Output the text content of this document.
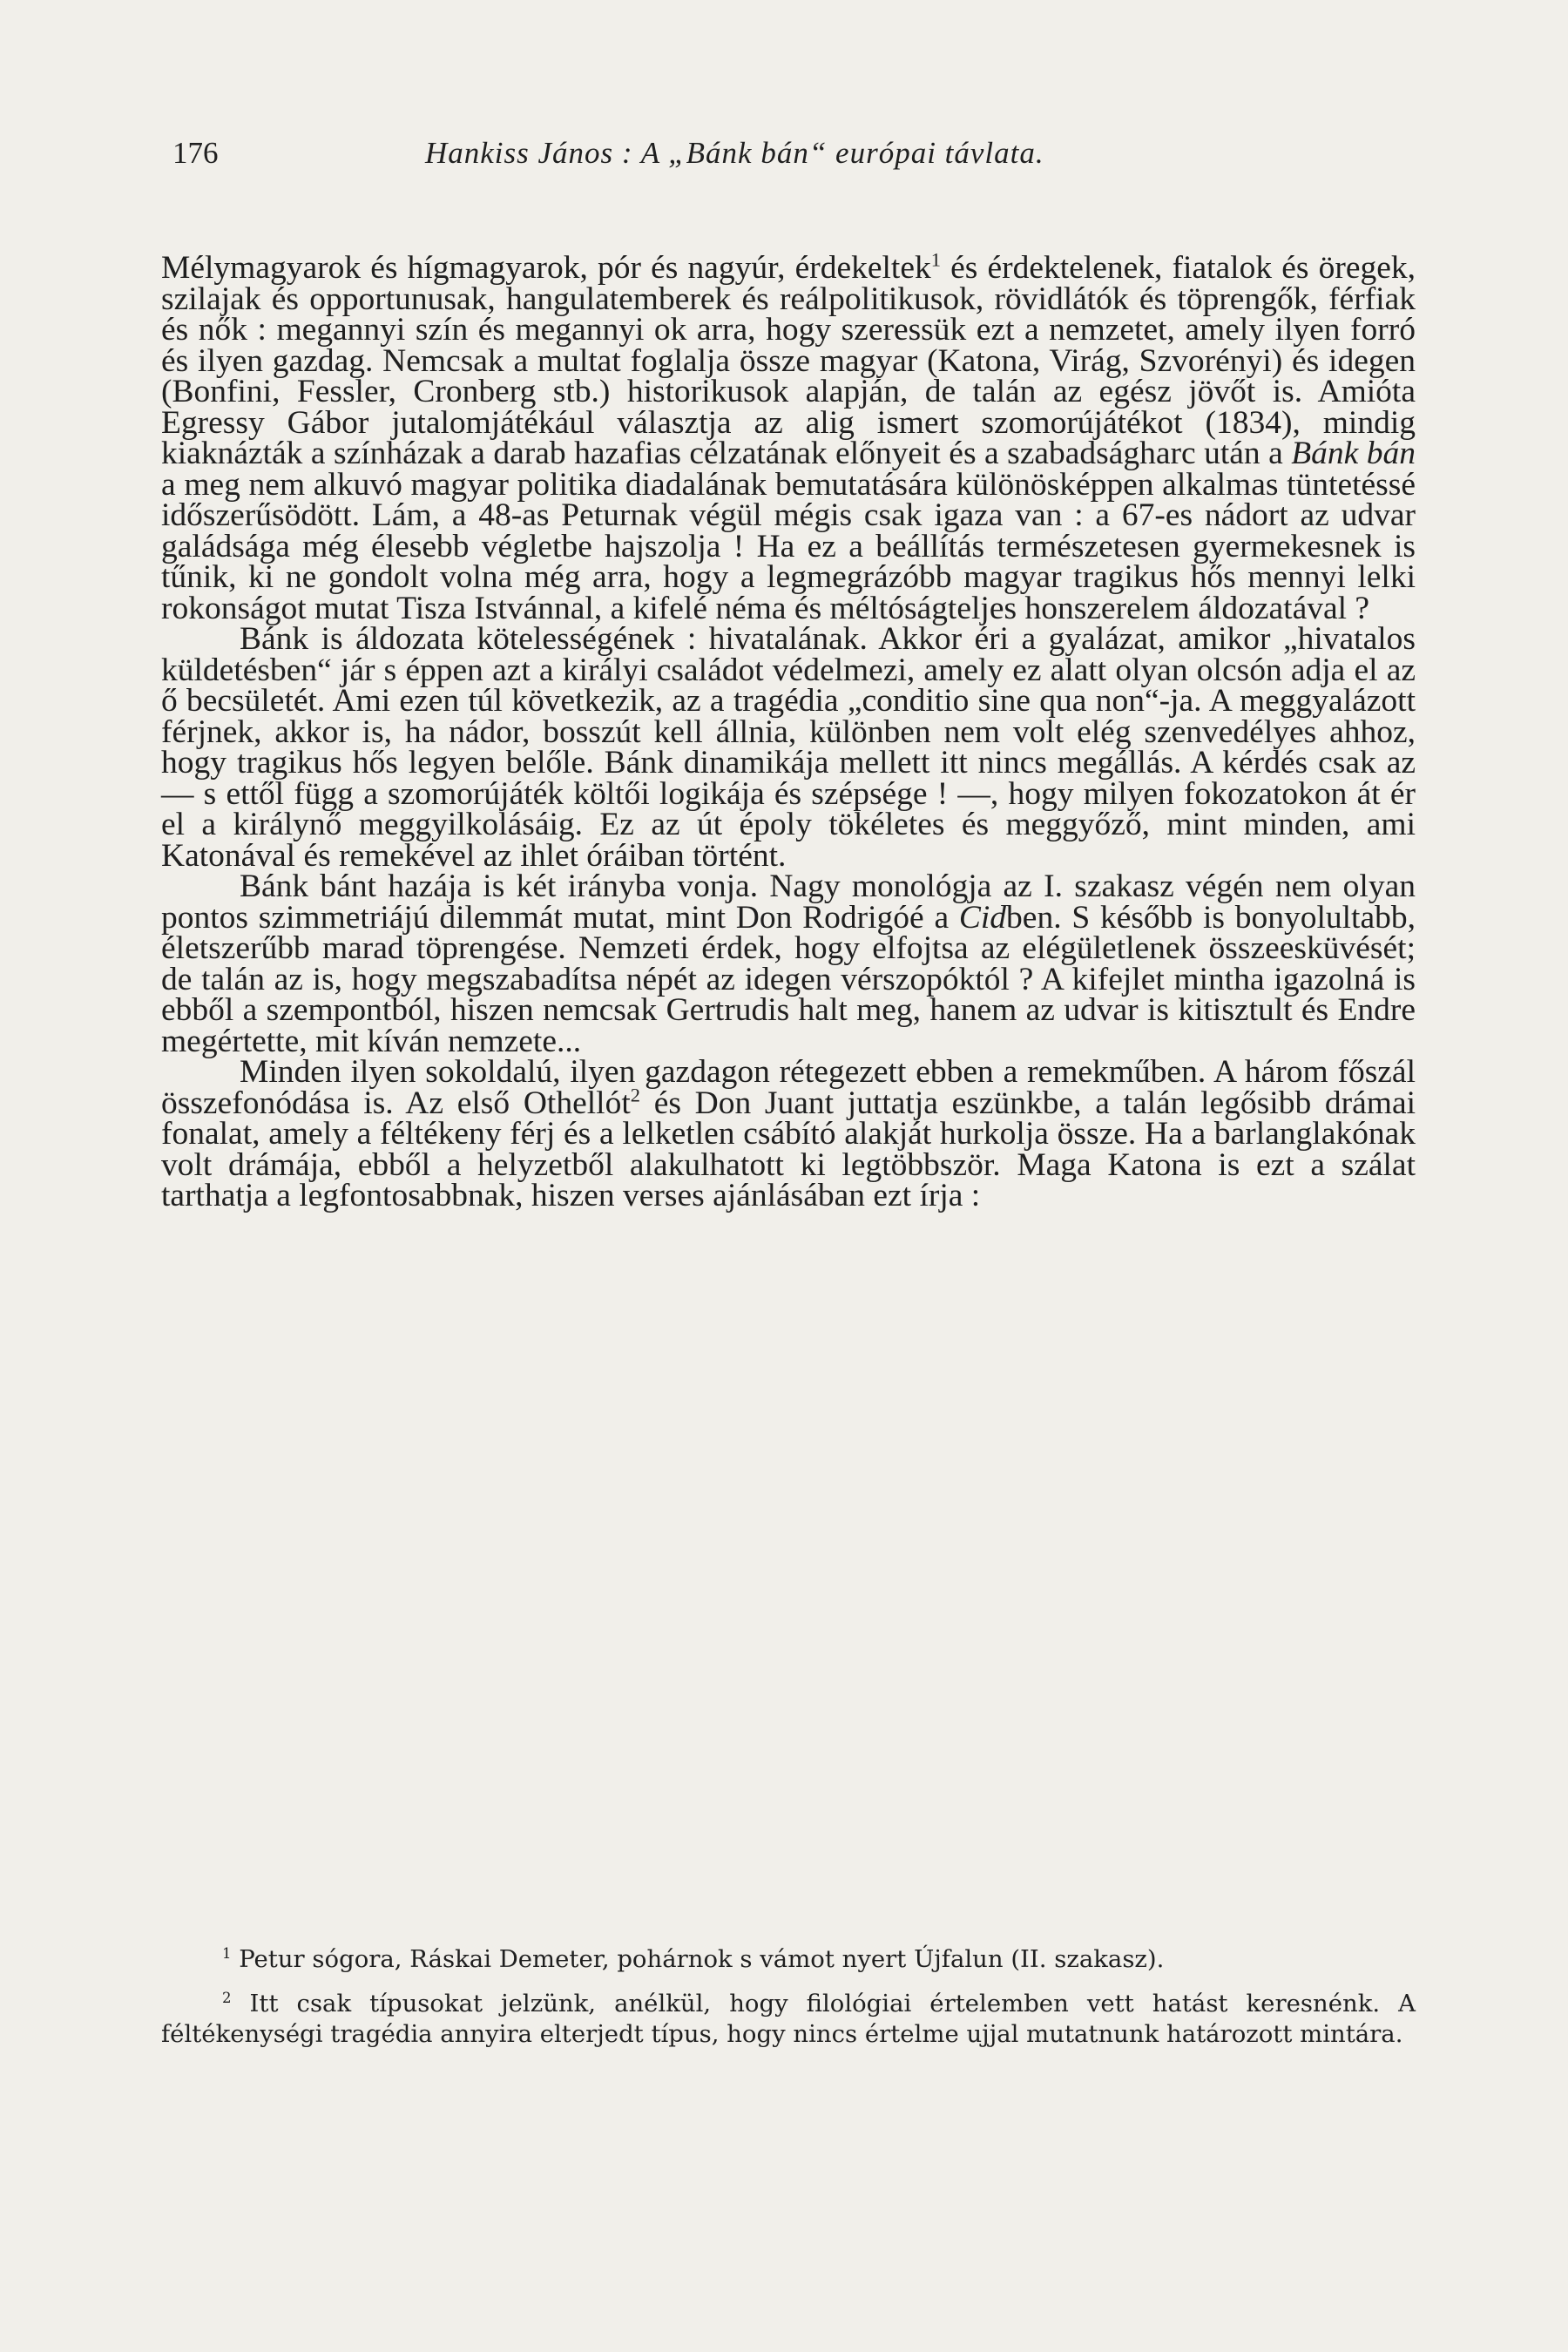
176	Hankiss János : A „Bánk bán“ európai távlata.

Mélymagyarok és hígmagyarok, pór és nagyúr, érdekeltek$^1$ és érdektelenek, fiatalok és öregek, szilajak és opportunusak, hangulatemberek és reálpolitikusok, rövidlátók és töprengők, férfiak és nők : megannyi szín és megannyi ok arra, hogy szeressük ezt a nemzetet, amely ilyen forró és ilyen gazdag. Nemcsak a multat foglalja össze magyar (Katona, Virág, Szvorényi) és idegen (Bonfini, Fessler, Cronberg stb.) historikusok alapján, de talán az egész jövőt is. Amióta Egressy Gábor jutalomjátékául választja az alig ismert szomorújátékot (1834), mindig kiaknázták a színházak a darab hazafias célzatának előnyeit és a szabadságharc után a Bánk bán a meg nem alkuvó magyar politika diadalának bemutatására különösképpen alkalmas tüntetéssé időszerűsödött. Lám, a 48-as Peturnak végül mégis csak igaza van : a 67-es nádort az udvar galádsága még élesebb végletbe hajszolja ! Ha ez a beállítás természetesen gyermekesnek is tűnik, ki ne gondolt volna még arra, hogy a legmegrázóbb magyar tragikus hős mennyi lelki rokonságot mutat Tisza Istvánnal, a kifelé néma és méltóságteljes honszerelem áldozatával ?

Bánk is áldozata kötelességének : hivatalának. Akkor éri a gyalázat, amikor „hivatalos küldetésben“ jár s éppen azt a királyi családot védelmezi, amely ez alatt olyan olcsón adja el az ő becsületét. Ami ezen túl következik, az a tragédia „conditio sine qua non“-ja. A meggyalázott férjnek, akkor is, ha nádor, bosszút kell állnia, különben nem volt elég szenvedélyes ahhoz, hogy tragikus hős legyen belőle. Bánk dinamikája mellett itt nincs megállás. A kérdés csak az — s ettől függ a szomorújáték költői logikája és szépsége ! —, hogy milyen fokozatokon át ér el a királynő meggyilkolásáig. Ez az út époly tökéletes és meggyőző, mint minden, ami Katonával és remekével az ihlet óráiban történt.

Bánk bánt hazája is két irányba vonja. Nagy monológja az I. szakasz végén nem olyan pontos szimmetriájú dilemmát mutat, mint Don Rodrigóé a Cidben. S később is bonyolultabb, életszerűbb marad töprengése. Nemzeti érdek, hogy elfojtsa az elégületlenek összeesküvését; de talán az is, hogy megszabadítsa népét az idegen vérszopóktól ? A kifejlet mintha igazolná is ebből a szempontból, hiszen nemcsak Gertrudis halt meg, hanem az udvar is kitisztult és Endre megértette, mit kíván nemzete...

Minden ilyen sokoldalú, ilyen gazdagon rétegezett ebben a remekműben. A három főszál összefonódása is. Az első Othellót$^2$ és Don Juant juttatja eszünkbe, a talán legősibb drámai fonalat, amely a féltékeny férj és a lelketlen csábító alakját hurkolja össze. Ha a barlanglakónak volt drámája, ebből a helyzetből alakulhatott ki legtöbbször. Maga Katona is ezt a szálat tarthatja a legfontosabbnak, hiszen verses ajánlásában ezt írja :

$^1$ Petur sógora, Ráskai Demeter, pohárnok s vámot nyert Újfalun (II. szakasz).

$^2$ Itt csak típusokat jelzünk, anélkül, hogy filológiai értelemben vett hatást keresnénk. A féltékenységi tragédia annyira elterjedt típus, hogy nincs értelme ujjal mutatnunk határozott mintára.
